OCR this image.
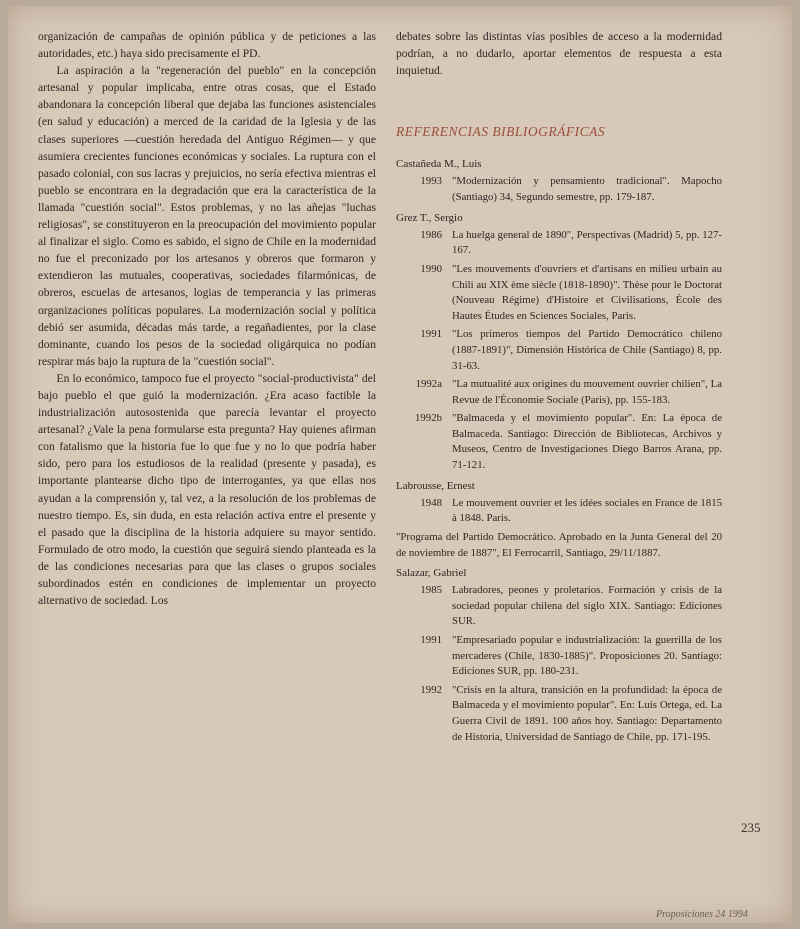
organización de campañas de opinión pública y de peticiones a las autoridades, etc.) haya sido precisamente el PD.

La aspiración a la "regeneración del pueblo" en la concepción artesanal y popular implicaba, entre otras cosas, que el Estado abandonara la concepción liberal que dejaba las funciones asistenciales (en salud y educación) a merced de la caridad de la Iglesia y de las clases superiores —cuestión heredada del Antiguo Régimen— y que asumiera crecientes funciones económicas y sociales. La ruptura con el pasado colonial, con sus lacras y prejuicios, no sería efectiva mientras el pueblo se encontrara en la degradación que era la característica de la llamada "cuestión social". Estos problemas, y no las añejas "luchas religiosas", se constituyeron en la preocupación del movimiento popular al finalizar el siglo. Como es sabido, el signo de Chile en la modernidad no fue el preconizado por los artesanos y obreros que formaron y extendieron las mutuales, cooperativas, sociedades filarmónicas, de obreros, escuelas de artesanos, logias de temperancia y las primeras organizaciones políticas populares. La modernización social y política debió ser asumida, décadas más tarde, a regañadientes, por la clase dominante, cuando los pesos de la sociedad oligárquica no podían respirar más bajo la ruptura de la "cuestión social".

En lo económico, tampoco fue el proyecto "social-productivista" del bajo pueblo el que guió la modernización. ¿Era acaso factible la industrialización autosostenida que parecía levantar el proyecto artesanal? ¿Vale la pena formularse esta pregunta? Hay quienes afirman con fatalismo que la historia fue lo que fue y no lo que podría haber sido, pero para los estudiosos de la realidad (presente y pasada), es importante plantearse dicho tipo de interrogantes, ya que ellas nos ayudan a la comprensión y, tal vez, a la resolución de los problemas de nuestro tiempo. Es, sin duda, en esta relación activa entre el presente y el pasado que la disciplina de la historia adquiere su mayor sentido. Formulado de otro modo, la cuestión que seguirá siendo planteada es la de las condiciones necesarias para que las clases o grupos sociales subordinados estén en condiciones de implementar un proyecto alternativo de sociedad. Los

debates sobre las distintas vías posibles de acceso a la modernidad podrían, a no dudarlo, aportar elementos de respuesta a esta inquietud.

REFERENCIAS BIBLIOGRÁFICAS
Castañeda M., Luis
1993 "Modernización y pensamiento tradicional". Mapocho (Santiago) 34, Segundo semestre, pp. 179-187.
Grez T., Sergio
1986 La huelga general de 1890", Perspectivas (Madrid) 5, pp. 127-167.
1990 "Les mouvements d'ouvriers et d'artisans en milieu urbain au Chili au XIX ème siècle (1818-1890)". Thèse pour le Doctorat (Nouveau Régime) d'Histoire et Civilisations, École des Hautes Études en Sciences Sociales, Paris.
1991 "Los primeros tiempos del Partido Democrático chileno (1887-1891)", Dimensión Histórica de Chile (Santiago) 8, pp. 31-63.
1992a "La mutualité aux origines du mouvement ouvrier chilien", La Revue de l'Économie Sociale (Paris), pp. 155-183.
1992b "Balmaceda y el movimiento popular". En: La época de Balmaceda. Santiago: Dirección de Bibliotecas, Archivos y Museos, Centro de Investigaciones Diego Barros Arana, pp. 71-121.
Labrousse, Ernest
1948 Le mouvement ouvrier et les idées sociales en France de 1815 à 1848. Paris.

"Programa del Partido Democrático. Aprobado en la Junta General del 20 de noviembre de 1887", El Ferrocarril, Santiago, 29/11/1887.

Salazar, Gabriel
1985 Labradores, peones y proletarios. Formación y crisis de la sociedad popular chilena del siglo XIX. Santiago: Ediciones SUR.
1991 "Empresariado popular e industrialización: la guerrilla de los mercaderes (Chile, 1830-1885)". Proposiciones 20. Santiago: Ediciones SUR, pp. 180-231.
1992 "Crisis en la altura, transición en la profundidad: la época de Balmaceda y el movimiento popular". En: Luis Ortega, ed. La Guerra Civil de 1891. 100 años hoy. Santiago: Departamento de Historia, Universidad de Santiago de Chile, pp. 171-195.
235
Proposiciones 24 1994
